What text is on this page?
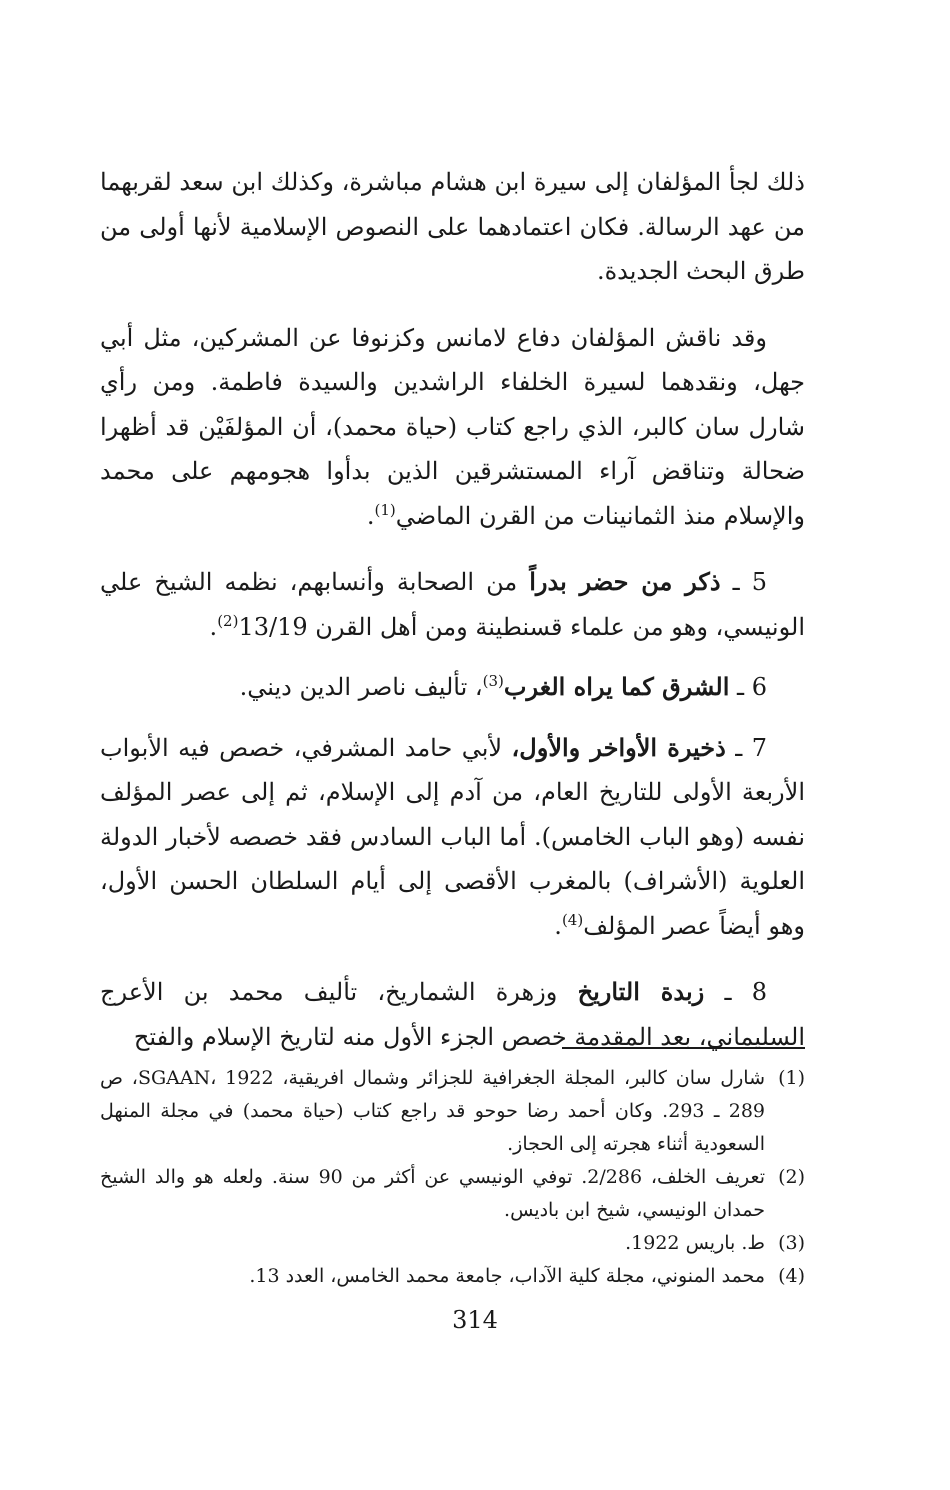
ذلك لجأ المؤلفان إلى سيرة ابن هشام مباشرة، وكذلك ابن سعد لقربهما من عهد الرسالة. فكان اعتمادهما على النصوص الإسلامية لأنها أولى من طرق البحث الجديدة.

وقد ناقش المؤلفان دفاع لامانس وكزنوفا عن المشركين، مثل أبي جهل، ونقدهما لسيرة الخلفاء الراشدين والسيدة فاطمة. ومن رأي شارل سان كالبر، الذي راجع كتاب (حياة محمد)، أن المؤلفَيْن قد أظهرا ضحالة وتناقض آراء المستشرقين الذين بدأوا هجومهم على محمد والإسلام منذ الثمانينات من القرن الماضي$^{(1)}$.

5 ـ ذكر من حضر بدراً من الصحابة وأنسابهم، نظمه الشيخ علي الونيسي، وهو من علماء قسنطينة ومن أهل القرن 13/19$^{(2)}$.

6 ـ الشرق كما يراه الغرب$^{(3)}$، تأليف ناصر الدين ديني.

7 ـ ذخيرة الأواخر والأول، لأبي حامد المشرفي، خصص فيه الأبواب الأربعة الأولى للتاريخ العام، من آدم إلى الإسلام، ثم إلى عصر المؤلف نفسه (وهو الباب الخامس). أما الباب السادس فقد خصصه لأخبار الدولة العلوية (الأشراف) بالمغرب الأقصى إلى أيام السلطان الحسن الأول، وهو أيضاً عصر المؤلف$^{(4)}$.

8 ـ زبدة التاريخ وزهرة الشماريخ، تأليف محمد بن الأعرج السليماني، بعد المقدمة خصص الجزء الأول منه لتاريخ الإسلام والفتح

(1)
شارل سان كالبر، المجلة الجغرافية للجزائر وشمال افريقية، SGAAN، 1922، ص 289 ـ 293. وكان أحمد رضا حوحو قد راجع كتاب (حياة محمد) في مجلة المنهل السعودية أثناء هجرته إلى الحجاز.
(2)
تعريف الخلف، 2/286. توفي الونيسي عن أكثر من 90 سنة. ولعله هو والد الشيخ حمدان الونيسي، شيخ ابن باديس.
(3)
ط. باريس 1922.
(4)
محمد المنوني، مجلة كلية الآداب، جامعة محمد الخامس، العدد 13.
314
